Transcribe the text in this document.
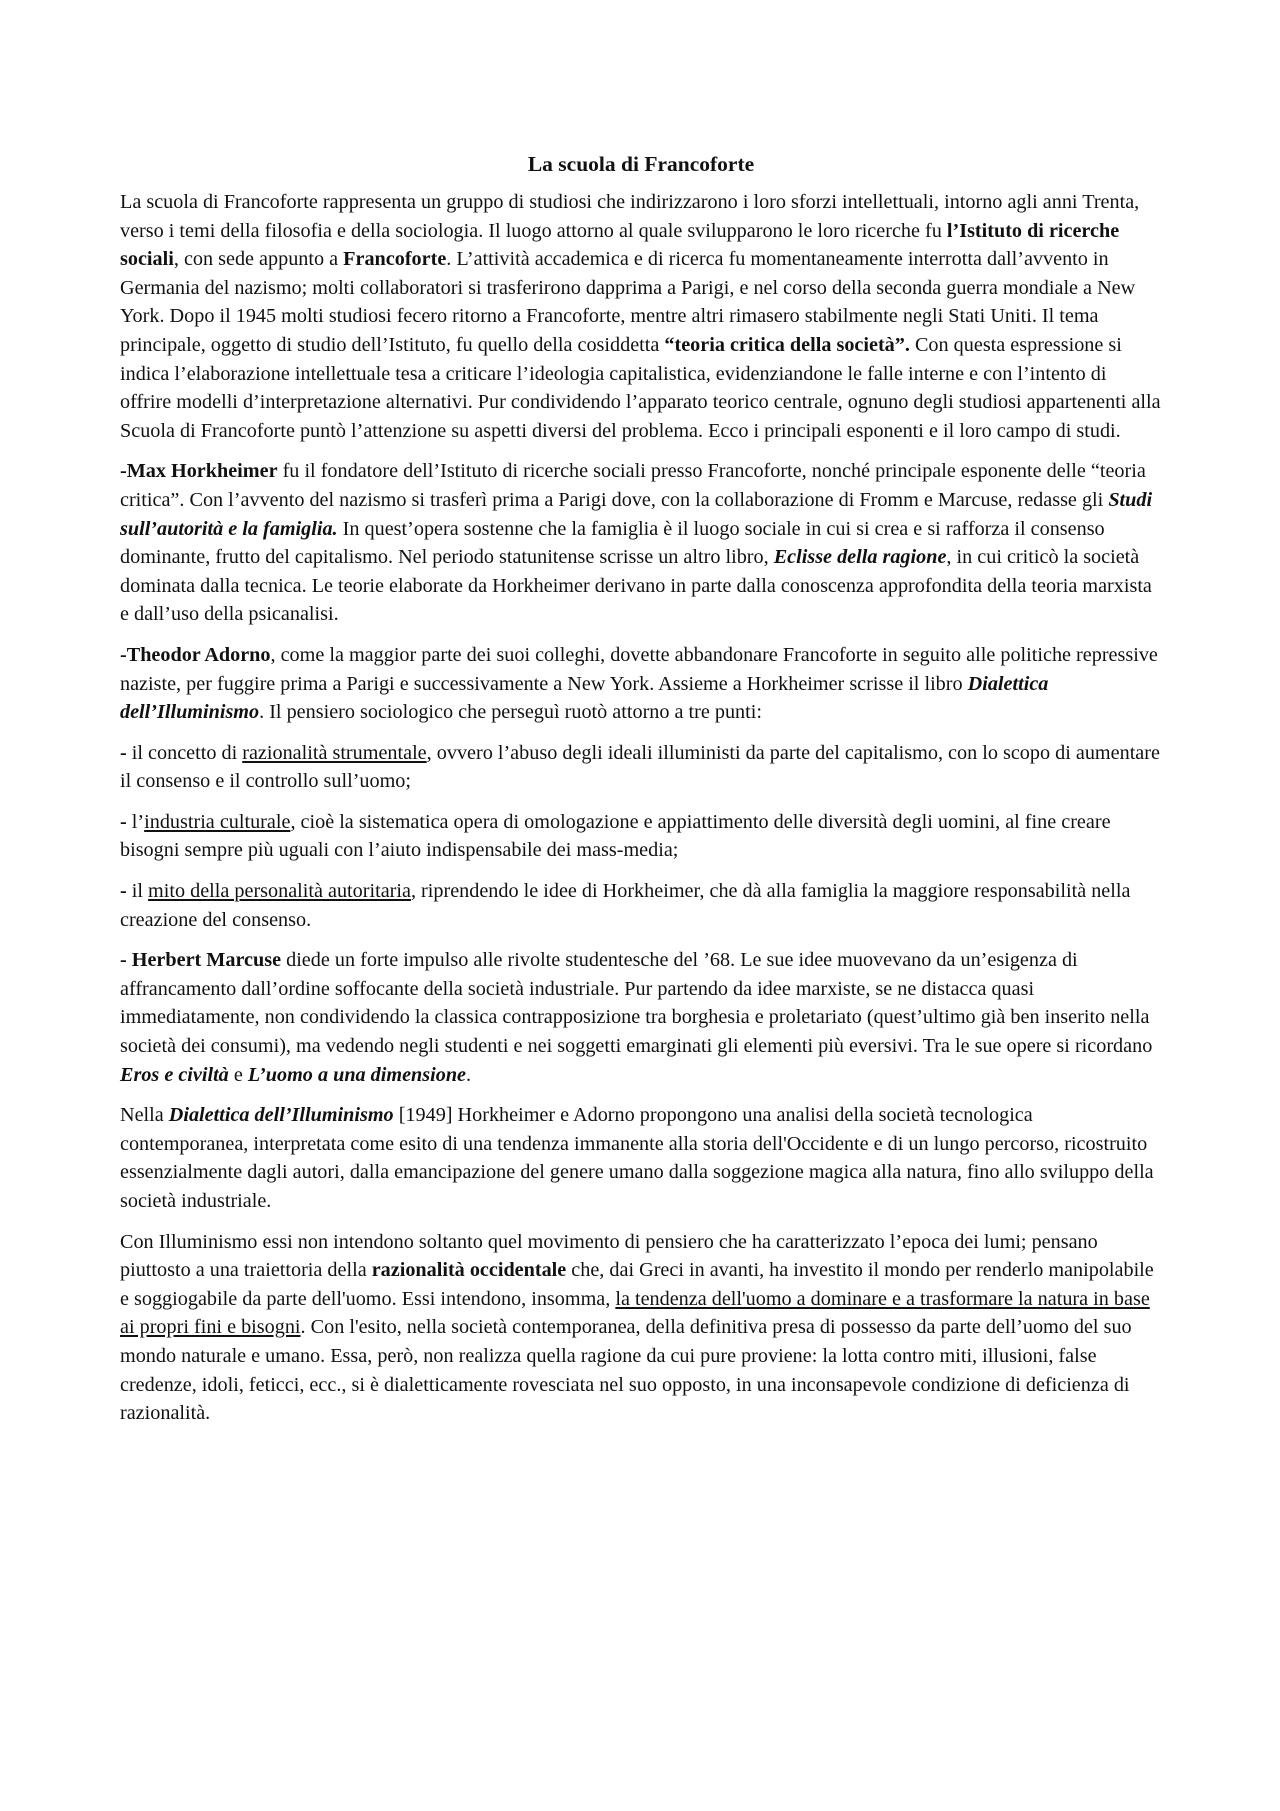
La scuola di Francoforte

La scuola di Francoforte rappresenta un gruppo di studiosi che indirizzarono i loro sforzi intellettuali, intorno agli anni Trenta, verso i temi della filosofia e della sociologia. Il luogo attorno al quale svilupparono le loro ricerche fu l’Istituto di ricerche sociali, con sede appunto a Francoforte. L’attività accademica e di ricerca fu momentaneamente interrotta dall’avvento in Germania del nazismo; molti collaboratori si trasferirono dapprima a Parigi, e nel corso della seconda guerra mondiale a New York. Dopo il 1945 molti studiosi fecero ritorno a Francoforte, mentre altri rimasero stabilmente negli Stati Uniti. Il tema principale, oggetto di studio dell’Istituto, fu quello della cosiddetta “teoria critica della società”. Con questa espressione si indica l’elaborazione intellettuale tesa a criticare l’ideologia capitalistica, evidenziandone le falle interne e con l’intento di offrire modelli d’interpretazione alternativi. Pur condividendo l’apparato teorico centrale, ognuno degli studiosi appartenenti alla Scuola di Francoforte puntò l’attenzione su aspetti diversi del problema. Ecco i principali esponenti e il loro campo di studi.

-Max Horkheimer fu il fondatore dell’Istituto di ricerche sociali presso Francoforte, nonché principale esponente delle “teoria critica”. Con l’avvento del nazismo si trasferì prima a Parigi dove, con la collaborazione di Fromm e Marcuse, redasse gli Studi sull’autorità e la famiglia. In quest’opera sostenne che la famiglia è il luogo sociale in cui si crea e si rafforza il consenso dominante, frutto del capitalismo. Nel periodo statunitense scrisse un altro libro, Eclisse della ragione, in cui criticò la società dominata dalla tecnica. Le teorie elaborate da Horkheimer derivano in parte dalla conoscenza approfondita della teoria marxista e dall’uso della psicanalisi.

-Theodor Adorno, come la maggior parte dei suoi colleghi, dovette abbandonare Francoforte in seguito alle politiche repressive naziste, per fuggire prima a Parigi e successivamente a New York. Assieme a Horkheimer scrisse il libro Dialettica dell’Illuminismo. Il pensiero sociologico che perseguì ruotò attorno a tre punti:

- il concetto di razionalità strumentale, ovvero l’abuso degli ideali illuministi da parte del capitalismo, con lo scopo di aumentare il consenso e il controllo sull’uomo;

- l’industria culturale, cioè la sistematica opera di omologazione e appiattimento delle diversità degli uomini, al fine creare bisogni sempre più uguali con l’aiuto indispensabile dei mass-media;

- il mito della personalità autoritaria, riprendendo le idee di Horkheimer, che dà alla famiglia la maggiore responsabilità nella creazione del consenso.

- Herbert Marcuse diede un forte impulso alle rivolte studentesche del ’68. Le sue idee muovevano da un’esigenza di affrancamento dall’ordine soffocante della società industriale. Pur partendo da idee marxiste, se ne distacca quasi immediatamente, non condividendo la classica contrapposizione tra borghesia e proletariato (quest’ultimo già ben inserito nella società dei consumi), ma vedendo negli studenti e nei soggetti emarginati gli elementi più eversivi. Tra le sue opere si ricordano Eros e civiltà e L’uomo a una dimensione.

Nella Dialettica dell’Illuminismo [1949] Horkheimer e Adorno propongono una analisi della società tecnologica contemporanea, interpretata come esito di una tendenza immanente alla storia dell'Occidente e di un lungo percorso, ricostruito essenzialmente dagli autori, dalla emancipazione del genere umano dalla soggezione magica alla natura, fino allo sviluppo della società industriale.

Con Illuminismo essi non intendono soltanto quel movimento di pensiero che ha caratterizzato l’epoca dei lumi; pensano piuttosto a una traiettoria della razionalità occidentale che, dai Greci in avanti, ha investito il mondo per renderlo manipolabile e soggiogabile da parte dell'uomo. Essi intendono, insomma, la tendenza dell'uomo a dominare e a trasformare la natura in base ai propri fini e bisogni. Con l'esito, nella società contemporanea, della definitiva presa di possesso da parte dell’uomo del suo mondo naturale e umano. Essa, però, non realizza quella ragione da cui pure proviene: la lotta contro miti, illusioni, false credenze, idoli, feticci, ecc., si è dialetticamente rovesciata nel suo opposto, in una inconsapevole condizione di deficienza di razionalità.
